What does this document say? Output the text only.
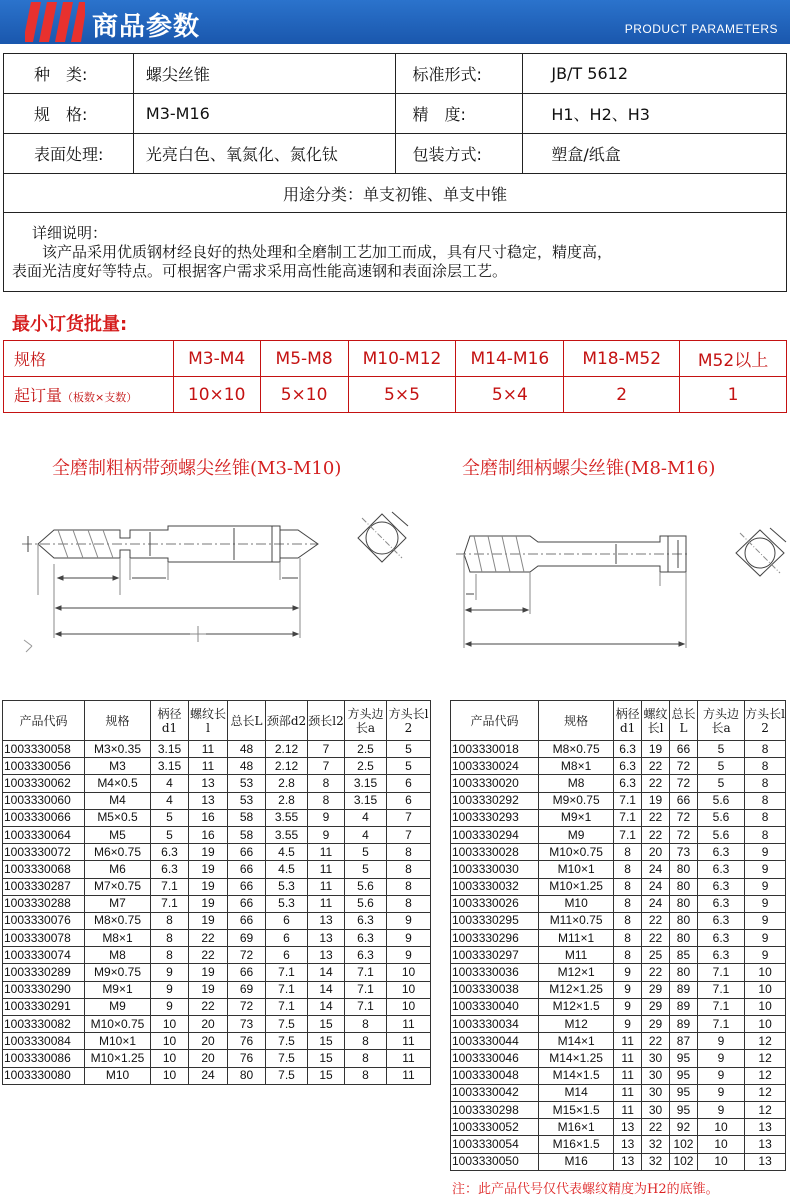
商品参数	PRODUCT PARAMETERS
种　类:	螺尖丝锥	标准形式:	JB/T 5612
规　格:	M3-M16	精　度:	H1、H2、H3
表面处理:	光亮白色、氧氮化、氮化钛	包装方式:	塑盒/纸盒
用途分类：单支初锥、单支中锥			
详细说明：
　　该产品采用优质钢材经良好的热处理和全磨制工艺加工而成，具有尺寸稳定，精度高，
表面光洁度好等特点。可根据客户需求采用高性能高速钢和表面涂层工艺。
最小订货批量:
规格	M3-M4	M5-M8	M10-M12	M14-M16	M18-M52	M52以上
起订量（板数×支数）	10×10	5×10	5×5	5×4	2	1
全磨制粗柄带颈螺尖丝锥(M3-M10)	全磨制细柄螺尖丝锥(M8-M16)
产品代码	规格	柄径d1	螺纹长l	总长L	颈部d2	颈长l2	方头边长a	方头长l 2
1003330058	M3×0.35	3.15	11	48	2.12	7	2.5	5
1003330056	M3	3.15	11	48	2.12	7	2.5	5
1003330062	M4×0.5	4	13	53	2.8	8	3.15	6
1003330060	M4	4	13	53	2.8	8	3.15	6
1003330066	M5×0.5	5	16	58	3.55	9	4	7
1003330064	M5	5	16	58	3.55	9	4	7
1003330072	M6×0.75	6.3	19	66	4.5	11	5	8
1003330068	M6	6.3	19	66	4.5	11	5	8
1003330287	M7×0.75	7.1	19	66	5.3	11	5.6	8
1003330288	M7	7.1	19	66	5.3	11	5.6	8
1003330076	M8×0.75	8	19	66	6	13	6.3	9
1003330078	M8×1	8	22	69	6	13	6.3	9
1003330074	M8	8	22	72	6	13	6.3	9
1003330289	M9×0.75	9	19	66	7.1	14	7.1	10
1003330290	M9×1	9	19	69	7.1	14	7.1	10
1003330291	M9	9	22	72	7.1	14	7.1	10
1003330082	M10×0.75	10	20	73	7.5	15	8	11
1003330084	M10×1	10	20	76	7.5	15	8	11
1003330086	M10×1.25	10	20	76	7.5	15	8	11
1003330080	M10	10	24	80	7.5	15	8	11
产品代码	规格	柄径d1	螺纹长l	总长L	方头边长a	方头长l 2
1003330018	M8×0.75	6.3	19	66	5	8
1003330024	M8×1	6.3	22	72	5	8
1003330020	M8	6.3	22	72	5	8
1003330292	M9×0.75	7.1	19	66	5.6	8
1003330293	M9×1	7.1	22	72	5.6	8
1003330294	M9	7.1	22	72	5.6	8
1003330028	M10×0.75	8	20	73	6.3	9
1003330030	M10×1	8	24	80	6.3	9
1003330032	M10×1.25	8	24	80	6.3	9
1003330026	M10	8	24	80	6.3	9
1003330295	M11×0.75	8	22	80	6.3	9
1003330296	M11×1	8	22	80	6.3	9
1003330297	M11	8	25	85	6.3	9
1003330036	M12×1	9	22	80	7.1	10
1003330038	M12×1.25	9	29	89	7.1	10
1003330040	M12×1.5	9	29	89	7.1	10
1003330034	M12	9	29	89	7.1	10
1003330044	M14×1	11	22	87	9	12
1003330046	M14×1.25	11	30	95	9	12
1003330048	M14×1.5	11	30	95	9	12
1003330042	M14	11	30	95	9	12
1003330298	M15×1.5	11	30	95	9	12
1003330052	M16×1	13	22	92	10	13
1003330054	M16×1.5	13	32	102	10	13
1003330050	M16	13	32	102	10	13
注：此产品代号仅代表螺纹精度为H2的底锥。
